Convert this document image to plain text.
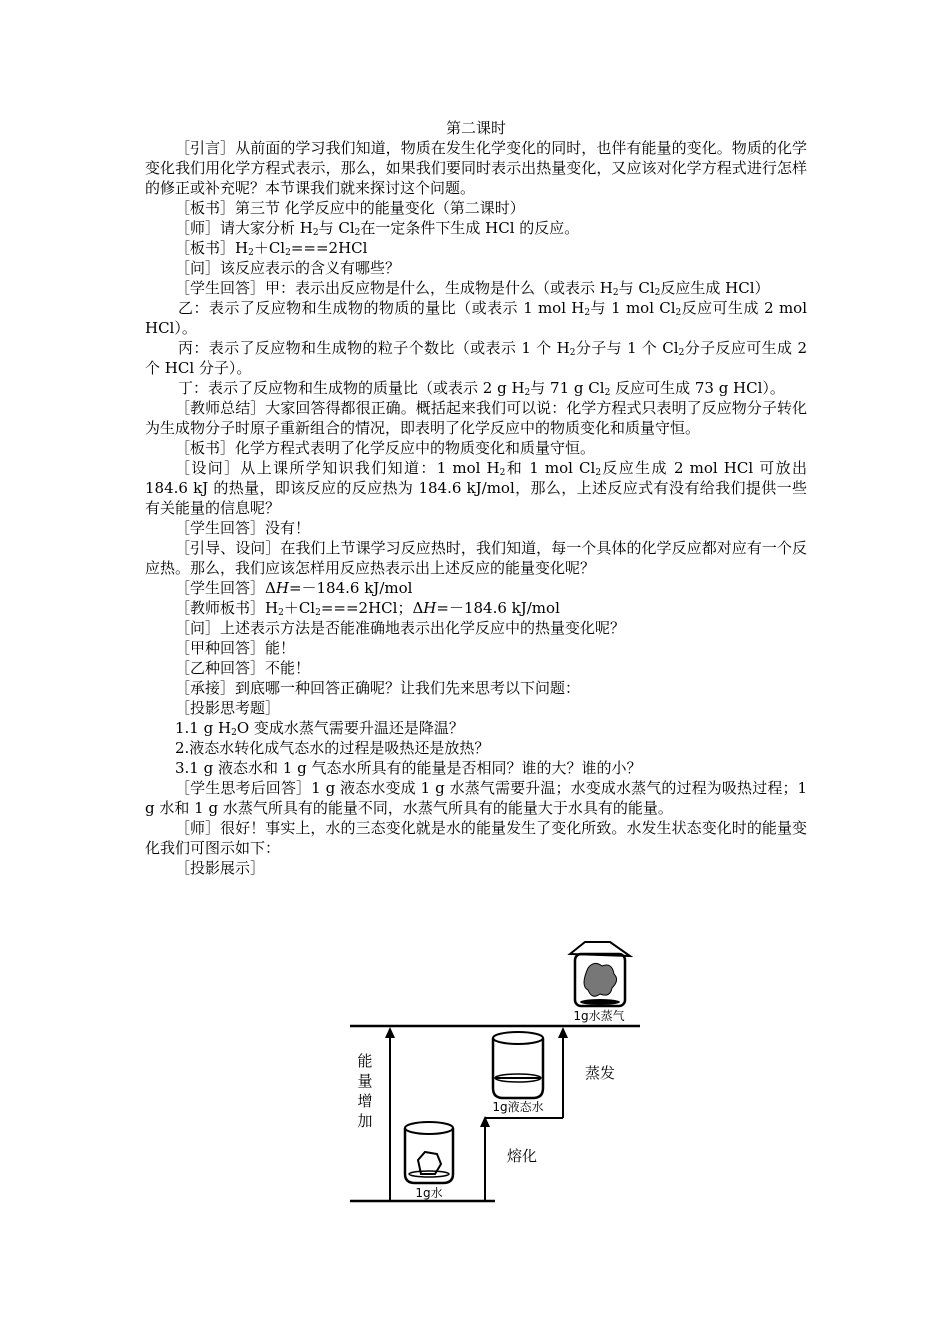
第二课时

［引言］从前面的学习我们知道，物质在发生化学变化的同时，也伴有能量的变化。物质的化学变化我们用化学方程式表示，那么，如果我们要同时表示出热量变化，又应该对化学方程式进行怎样的修正或补充呢？本节课我们就来探讨这个问题。

［板书］第三节 化学反应中的能量变化（第二课时）

［师］请大家分析 $H_2$与 $Cl_2$在一定条件下生成 HCl 的反应。

［板书$]H_2+Cl_2===2HCl$

［问］该反应表示的含义有哪些？

［学生回答］甲：表示出反应物是什么，生成物是什么（或表示 $H_2$与 $Cl_2$反应生成 HCl）

乙：表示了反应物和生成物的物质的量比（或表示 1 mol $H_2$与 1 mol $Cl_2$反应可生成 2 mol HCl）。

丙：表示了反应物和生成物的粒子个数比（或表示 1 个 $H_2$分子与 1 个 $Cl_2$分子反应可生成 2 个 HCl 分子）。

丁：表示了反应物和生成物的质量比（或表示 2 g $H_2$与 71 g $Cl_2$ 反应可生成 73 g HCl）。

［教师总结］大家回答得都很正确。概括起来我们可以说：化学方程式只表明了反应物分子转化为生成物分子时原子重新组合的情况，即表明了化学反应中的物质变化和质量守恒。

［板书］化学方程式表明了化学反应中的物质变化和质量守恒。

［设问］从上课所学知识我们知道：1 mol $H_2$和 1 mol $Cl_2$反应生成 2 mol HCl 可放出 184.6 kJ 的热量，即该反应的反应热为 184.6 kJ/mol，那么，上述反应式有没有给我们提供一些有关能量的信息呢？

［学生回答］没有！

［引导、设问］在我们上节课学习反应热时，我们知道，每一个具体的化学反应都对应有一个反应热。那么，我们应该怎样用反应热表示出上述反应的能量变化呢？

［学生回答］ΔH=－184.6 kJ/mol

［教师板书$]H_2+Cl_2===2HCl$；ΔH=－184.6 kJ/mol

［问］上述表示方法是否能准确地表示出化学反应中的热量变化呢？

［甲种回答］能！

［乙种回答］不能！

［承接］到底哪一种回答正确呢？让我们先来思考以下问题：

［投影思考题］

1.1 g $H_2O$ 变成水蒸气需要升温还是降温？

2.液态水转化成气态水的过程是吸热还是放热？

3.1 g 液态水和 1 g 气态水所具有的能量是否相同？谁的大？谁的小？

［学生思考后回答］1 g 液态水变成 1 g 水蒸气需要升温；水变成水蒸气的过程为吸热过程；1 g 水和 1 g 水蒸气所具有的能量不同，水蒸气所具有的能量大于水具有的能量。

［师］很好！事实上，水的三态变化就是水的能量发生了变化所致。水发生状态变化时的能量变化我们可图示如下：

［投影展示］

1g水蒸气
1g液态水
1g水
蒸发
熔化
能
量
增
加
